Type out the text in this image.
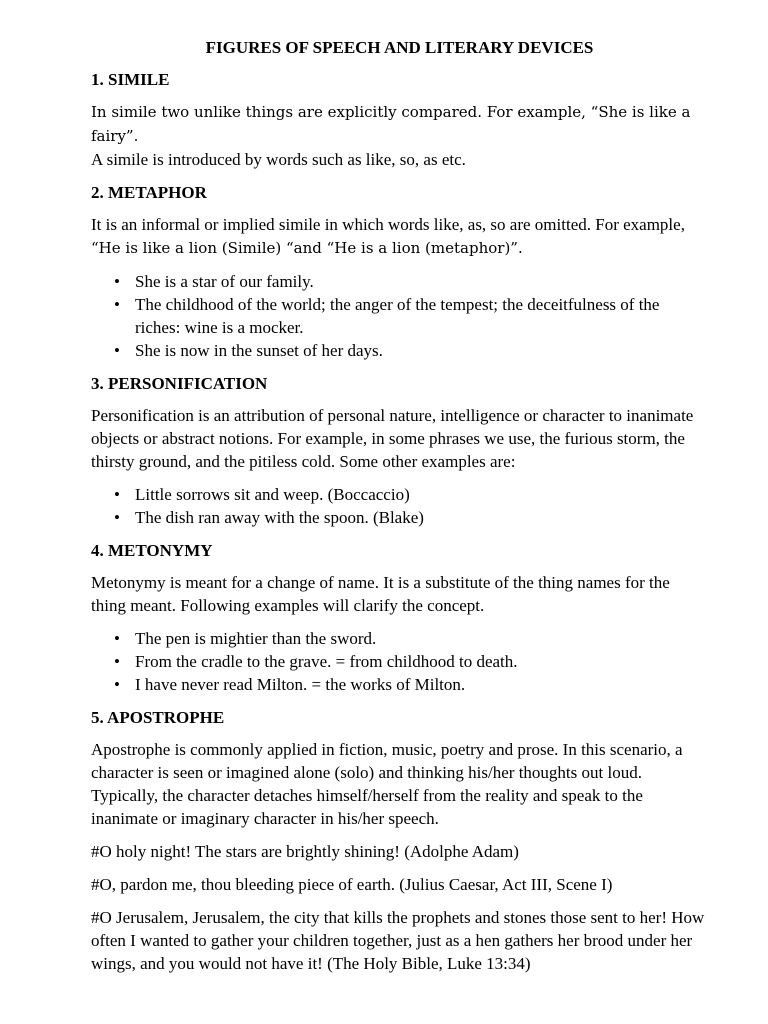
FIGURES OF SPEECH AND LITERARY DEVICES
1. SIMILE

In simile two unlike things are explicitly compared. For example, “She is like a fairy”.
A simile is introduced by words such as like, so, as etc.

2. METAPHOR

It is an informal or implied simile in which words like, as, so are omitted. For example,
“He is like a lion (Simile) “and “He is a lion (metaphor)”.

• She is a star of our family.
• The childhood of the world; the anger of the tempest; the deceitfulness of the riches: wine is a mocker.
• She is now in the sunset of her days.
3. PERSONIFICATION

Personification is an attribution of personal nature, intelligence or character to inanimate objects or abstract notions. For example, in some phrases we use, the furious storm, the thirsty ground, and the pitiless cold. Some other examples are:

• Little sorrows sit and weep. (Boccaccio)
• The dish ran away with the spoon. (Blake)
4. METONYMY

Metonymy is meant for a change of name. It is a substitute of the thing names for the thing meant. Following examples will clarify the concept.

• The pen is mightier than the sword.
• From the cradle to the grave. = from childhood to death.
• I have never read Milton. = the works of Milton.
5. APOSTROPHE

Apostrophe is commonly applied in fiction, music, poetry and prose. In this scenario, a character is seen or imagined alone (solo) and thinking his/her thoughts out loud. Typically, the character detaches himself/herself from the reality and speak to the inanimate or imaginary character in his/her speech.

#O holy night! The stars are brightly shining! (Adolphe Adam)

#O, pardon me, thou bleeding piece of earth. (Julius Caesar, Act III, Scene I)

#O Jerusalem, Jerusalem, the city that kills the prophets and stones those sent to her! How often I wanted to gather your children together, just as a hen gathers her brood under her wings, and you would not have it! (The Holy Bible, Luke 13:34)
